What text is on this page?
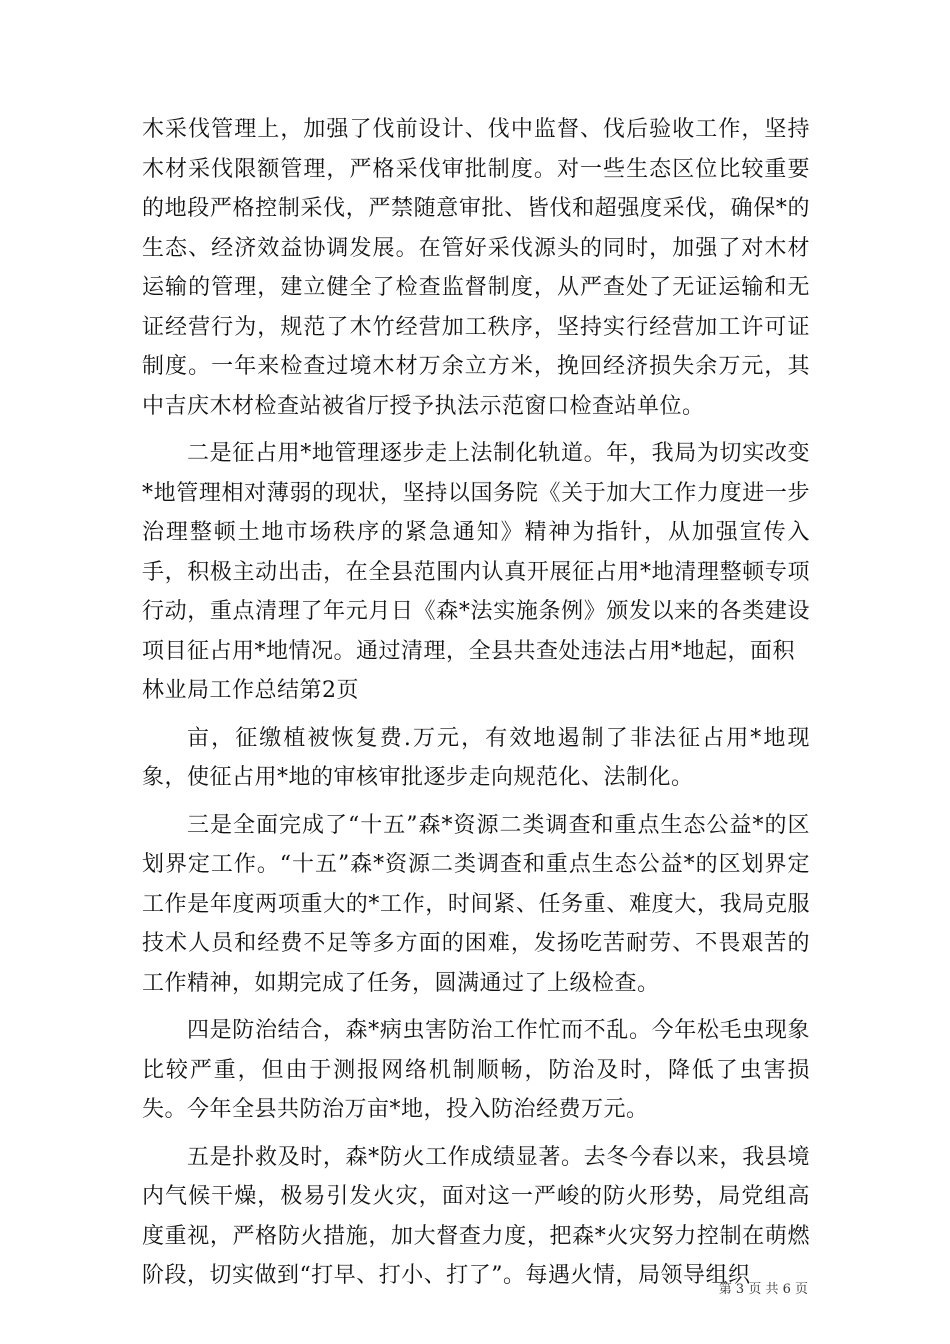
木采伐管理上，加强了伐前设计、伐中监督、伐后验收工作，坚持木材采伐限额管理，严格采伐审批制度。对一些生态区位比较重要的地段严格控制采伐，严禁随意审批、皆伐和超强度采伐，确保*的生态、经济效益协调发展。在管好采伐源头的同时，加强了对木材运输的管理，建立健全了检查监督制度，从严查处了无证运输和无证经营行为，规范了木竹经营加工秩序，坚持实行经营加工许可证制度。一年来检查过境木材万余立方米，挽回经济损失余万元，其中吉庆木材检查站被省厅授予执法示范窗口检查站单位。

二是征占用*地管理逐步走上法制化轨道。年，我局为切实改变*地管理相对薄弱的现状，坚持以国务院《关于加大工作力度进一步治理整顿土地市场秩序的紧急通知》精神为指针，从加强宣传入手，积极主动出击，在全县范围内认真开展征占用*地清理整顿专项行动，重点清理了年元月日《森*法实施条例》颁发以来的各类建设项目征占用*地情况。通过清理，全县共查处违法占用*地起，面积

林业局工作总结第2页

亩，征缴植被恢复费.万元，有效地遏制了非法征占用*地现象，使征占用*地的审核审批逐步走向规范化、法制化。

三是全面完成了“十五”森*资源二类调查和重点生态公益*的区划界定工作。“十五”森*资源二类调查和重点生态公益*的区划界定工作是年度两项重大的*工作，时间紧、任务重、难度大，我局克服技术人员和经费不足等多方面的困难，发扬吃苦耐劳、不畏艰苦的工作精神，如期完成了任务，圆满通过了上级检查。

四是防治结合，森*病虫害防治工作忙而不乱。今年松毛虫现象比较严重，但由于测报网络机制顺畅，防治及时，降低了虫害损失。今年全县共防治万亩*地，投入防治经费万元。

五是扑救及时，森*防火工作成绩显著。去冬今春以来，我县境内气候干燥，极易引发火灾，面对这一严峻的防火形势，局党组高度重视，严格防火措施，加大督查力度，把森*火灾努力控制在萌燃阶段，切实做到“打早、打小、打了”。每遇火情，局领导组织

第 3 页 共 6 页
